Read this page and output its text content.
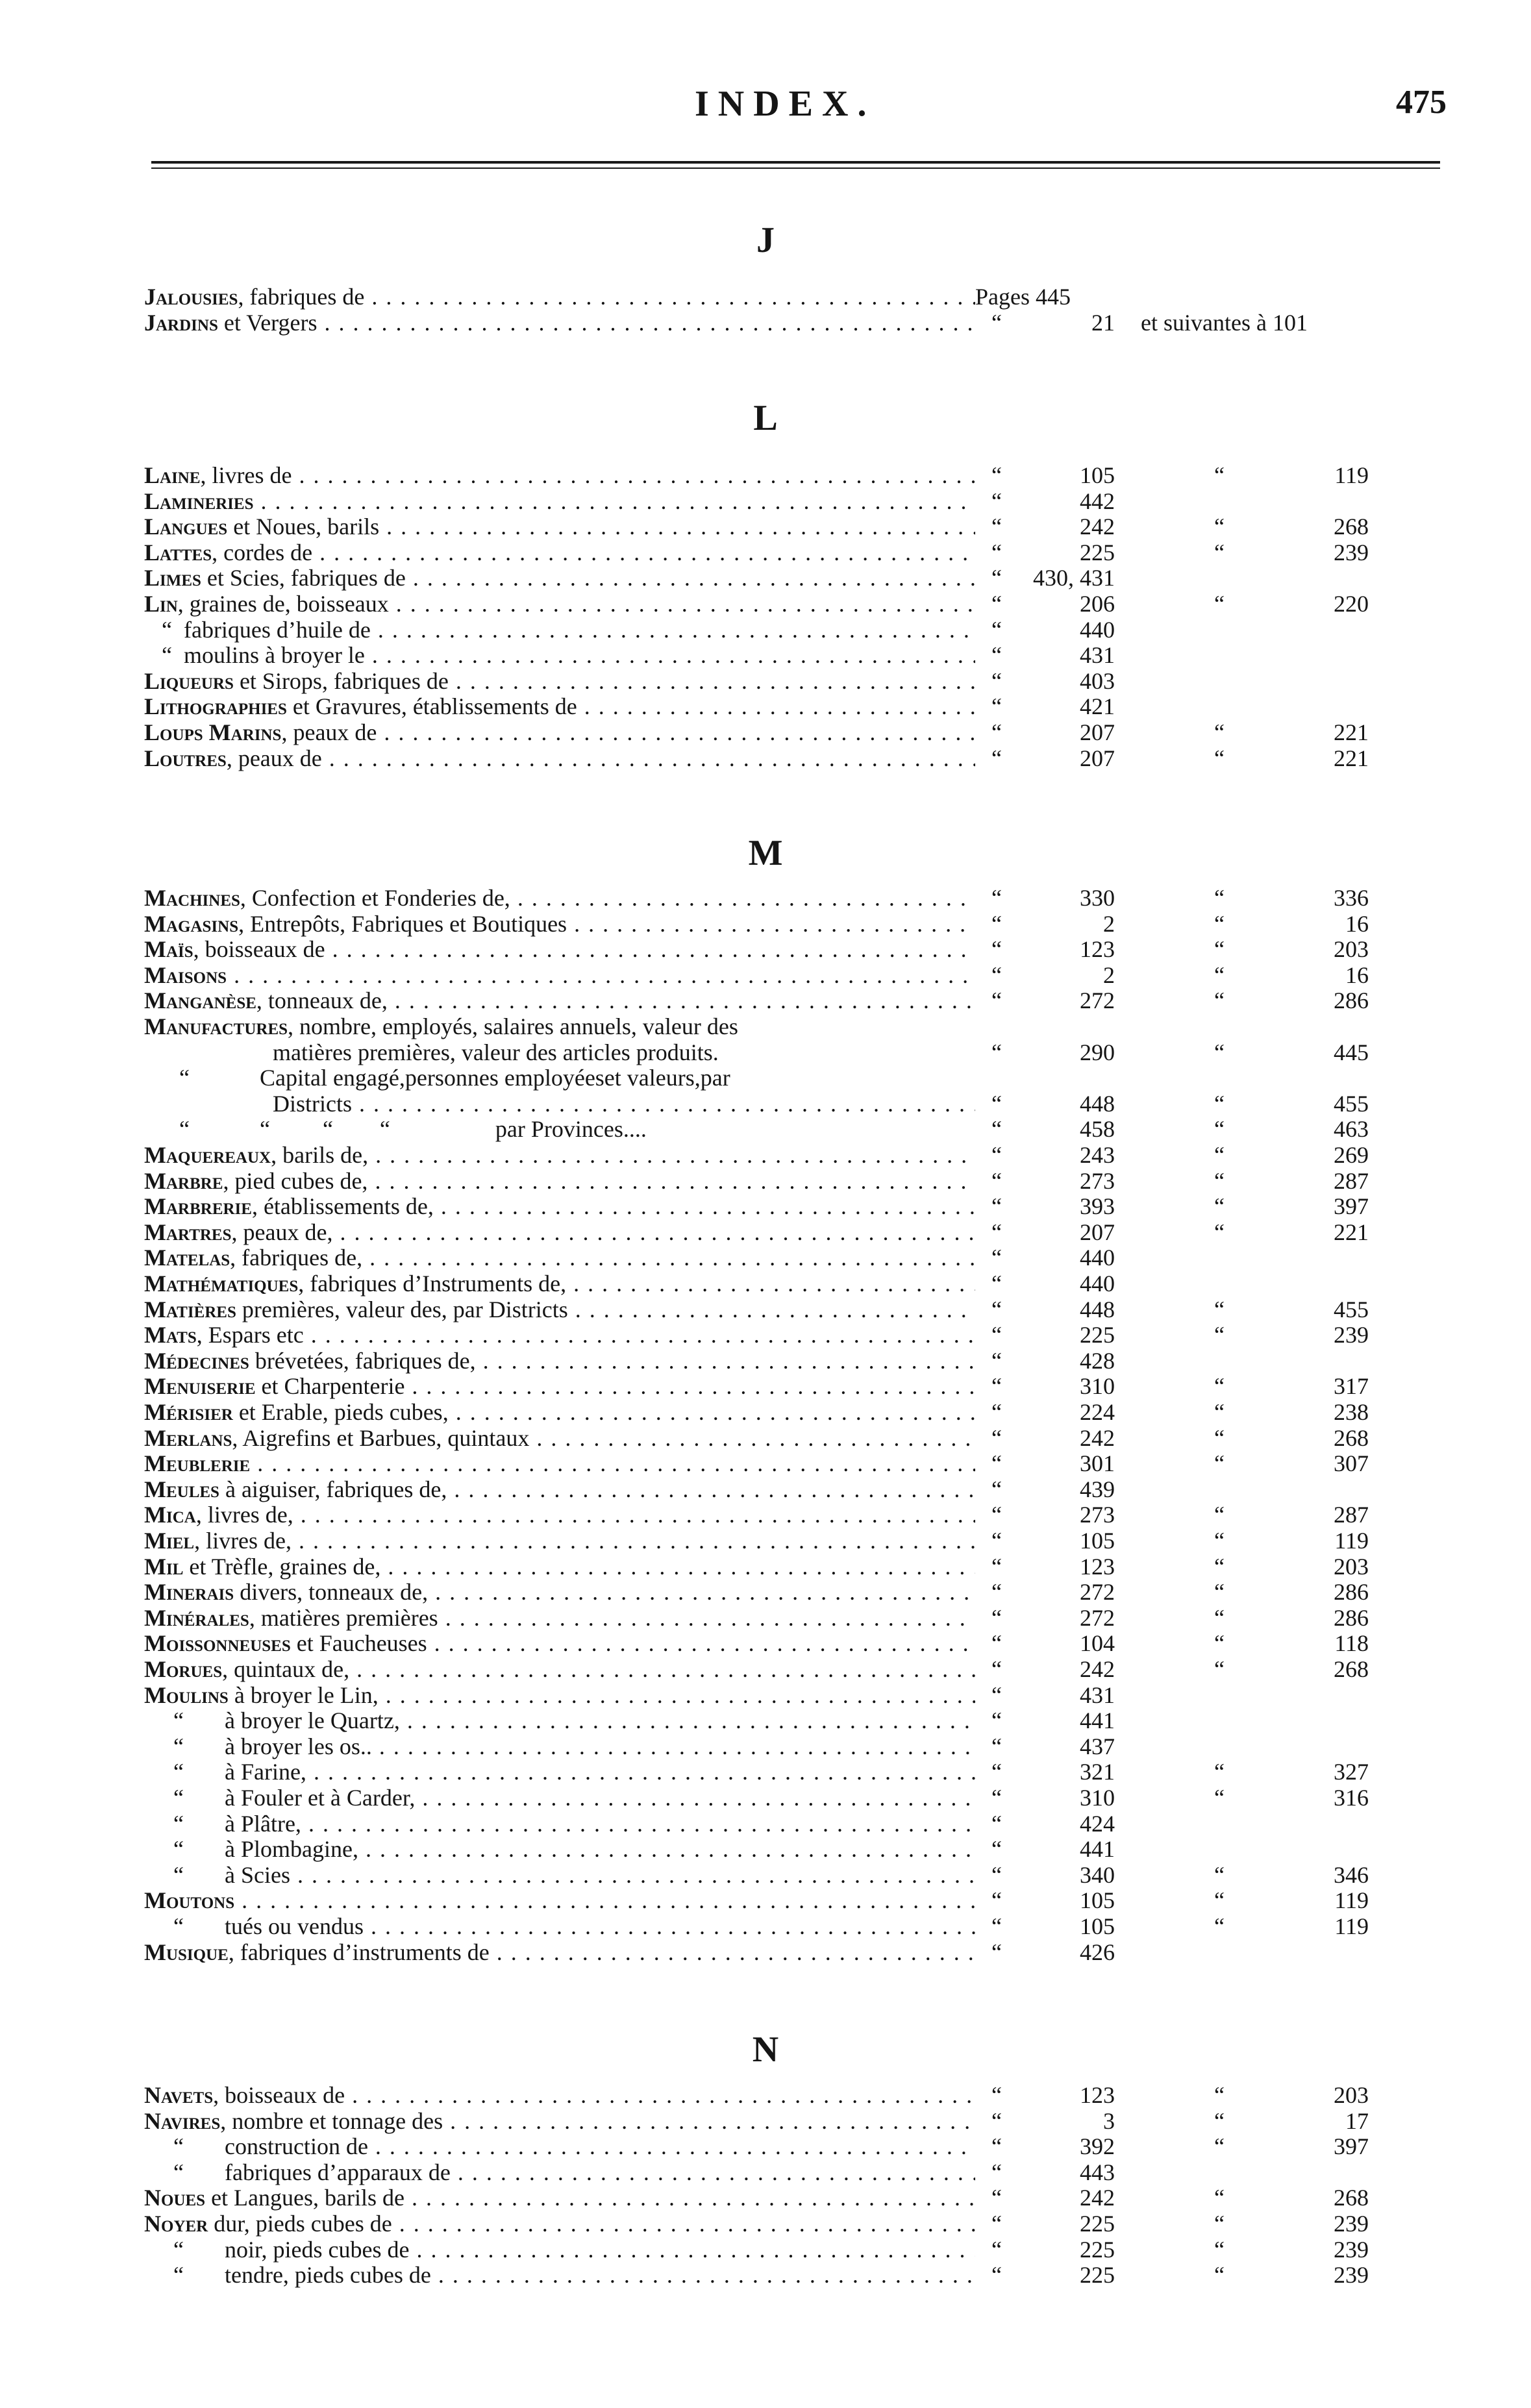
INDEX.	475
J
Jalousies, fabriques de . . .	Pages 445
Jardins et Vergers . . .	“	21 et suivantes à 101
L
Laine, livres de . . .	“	105	“	119
Lamineries . . .	“	442
Langues et Noues, barils . . .	“	242	“	268
Lattes, cordes de . . .	“	225	“	239
Limes et Scies, fabriques de . . .	“	430, 431
Lin, graines de, boisseaux . . .	“	206	“	220
“  fabriques d’huile de . . .	“	440
“  moulins à broyer le . . .	“	431
Liqueurs et Sirops, fabriques de . . .	“	403
Lithographies et Gravures, établissements de . . .	“	421
Loups Marins, peaux de . . .	“	207	“	221
Loutres, peaux de . . .	“	207	“	221
M
Machines, Confection et Fonderies de, . . .	“	330	“	336
Magasins, Entrepôts, Fabriques et Boutiques . . .	“	2	“	16
Maïs, boisseaux de . . .	“	123	“	203
Maisons . . .	“	2	“	16
Manganèse, tonneaux de, . . .	“	272	“	286
Manufactures, nombre, employés, salaires annuels, valeur des
matières premières, valeur des articles produits.	“	290	“	445
“            Capital engagé,personnes employéeset valeurs,par
Districts . . .	“	448	“	455
“            “         “        “                  par Provinces....	“	458	“	463
Maquereaux, barils de, . . .	“	243	“	269
Marbre, pied cubes de, . . .	“	273	“	287
Marbrerie, établissements de, . . .	“	393	“	397
Martres, peaux de, . . .	“	207	“	221
Matelas, fabriques de, . . .	“	440
Mathématiques, fabriques d’Instruments de, . . .	“	440
Matières premières, valeur des, par Districts . . .	“	448	“	455
Mats, Espars etc . . .	“	225	“	239
Médecines brévetées, fabriques de, . . .	“	428
Menuiserie et Charpenterie . . .	“	310	“	317
Mérisier et Erable, pieds cubes, . . .	“	224	“	238
Merlans, Aigrefins et Barbues, quintaux . . .	“	242	“	268
Meublerie . . .	“	301	“	307
Meules à aiguiser, fabriques de, . . .	“	439
Mica, livres de, . . .	“	273	“	287
Miel, livres de, . . .	“	105	“	119
Mil et Trèfle, graines de, . . .	“	123	“	203
Minerais divers, tonneaux de, . . .	“	272	“	286
Minérales, matières premières . . .	“	272	“	286
Moissonneuses et Faucheuses . . .	“	104	“	118
Morues, quintaux de, . . .	“	242	“	268
Moulins à broyer le Lin, . . .	“	431
“       à broyer le Quartz, . . .	“	441
“       à broyer les os.. . . .	“	437
“       à Farine, . . .	“	321	“	327
“       à Fouler et à Carder, . . .	“	310	“	316
“       à Plâtre, . . .	“	424
“       à Plombagine, . . .	“	441
“       à Scies . . .	“	340	“	346
Moutons . . .	“	105	“	119
“       tués ou vendus . . .	“	105	“	119
Musique, fabriques d’instruments de . . .	“	426
N
Navets, boisseaux de . . .	“	123	“	203
Navires, nombre et tonnage des . . .	“	3	“	17
“       construction de . . .	“	392	“	397
“       fabriques d’apparaux de . . .	“	443
Noues et Langues, barils de . . .	“	242	“	268
Noyer dur, pieds cubes de . . .	“	225	“	239
“       noir, pieds cubes de . . .	“	225	“	239
“       tendre, pieds cubes de . . .	“	225	“	239
